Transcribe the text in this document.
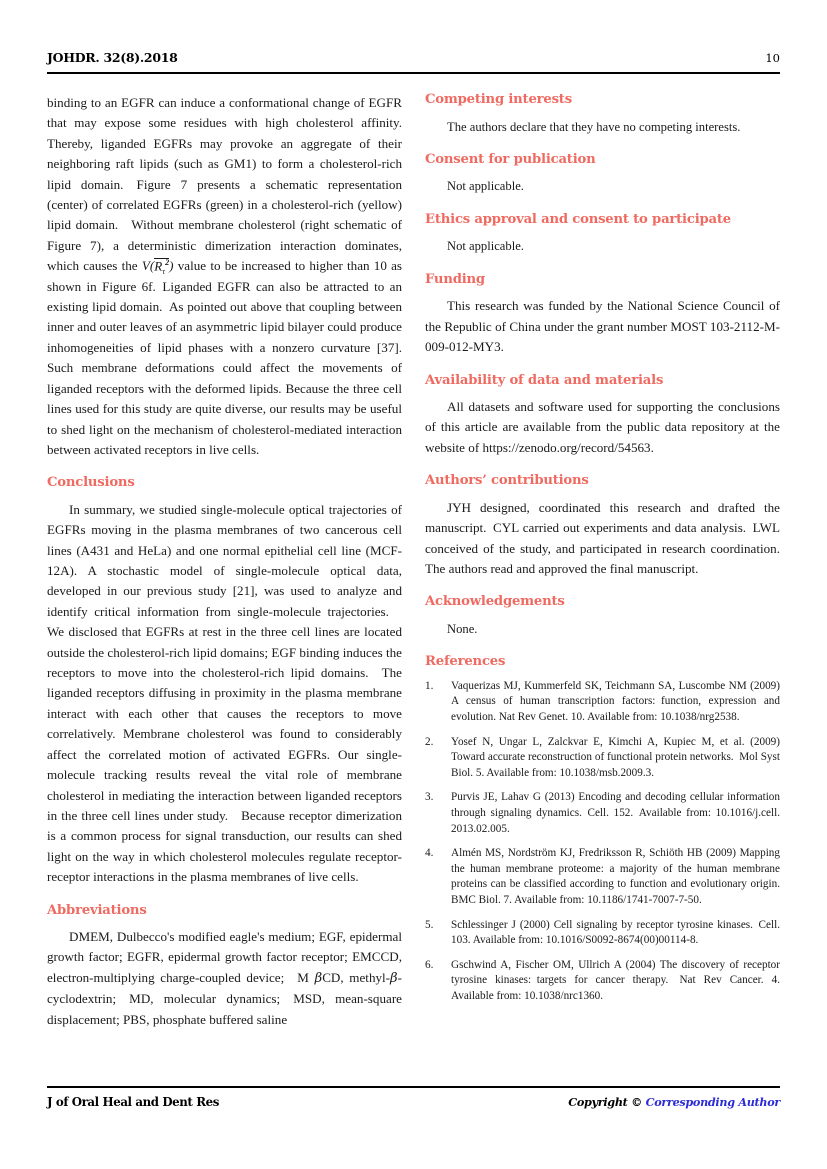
JOHDR. 32(8).2018	10

binding to an EGFR can induce a conformational change of EGFR that may expose some residues with high cholesterol affinity. Thereby, liganded EGFRs may provoke an aggregate of their neighboring raft lipids (such as GM1) to form a cholesterol-rich lipid domain. Figure 7 presents a schematic representation (center) of correlated EGFRs (green) in a cholesterol-rich (yellow) lipid domain. Without membrane cholesterol (right schematic of Figure 7), a deterministic dimerization interaction dominates, which causes the $V(R_\tau^2)$ value to be increased to higher than 10 as shown in Figure 6f. Liganded EGFR can also be attracted to an existing lipid domain. As pointed out above that coupling between inner and outer leaves of an asymmetric lipid bilayer could produce inhomogeneities of lipid phases with a nonzero curvature [37]. Such membrane deformations could affect the movements of liganded receptors with the deformed lipids. Because the three cell lines used for this study are quite diverse, our results may be useful to shed light on the mechanism of cholesterol-mediated interaction between activated receptors in live cells.

Conclusions

In summary, we studied single-molecule optical trajectories of EGFRs moving in the plasma membranes of two cancerous cell lines (A431 and HeLa) and one normal epithelial cell line (MCF-12A). A stochastic model of single-molecule optical data, developed in our previous study [21], was used to analyze and identify critical information from single-molecule trajectories. We disclosed that EGFRs at rest in the three cell lines are located outside the cholesterol-rich lipid domains; EGF binding induces the receptors to move into the cholesterol-rich lipid domains. The liganded receptors diffusing in proximity in the plasma membrane interact with each other that causes the receptors to move correlatively. Membrane cholesterol was found to considerably affect the correlated motion of activated EGFRs. Our single-molecule tracking results reveal the vital role of membrane cholesterol in mediating the interaction between liganded receptors in the three cell lines under study. Because receptor dimerization is a common process for signal transduction, our results can shed light on the way in which cholesterol molecules regulate receptor-receptor interactions in the plasma membranes of live cells.

Abbreviations

DMEM, Dulbecco's modified eagle's medium; EGF, epidermal growth factor; EGFR, epidermal growth factor receptor; EMCCD, electron-multiplying charge-coupled device; M βCD, methyl-β-cyclodextrin; MD, molecular dynamics; MSD, mean-square displacement; PBS, phosphate buffered saline

Competing interests

The authors declare that they have no competing interests.

Consent for publication

Not applicable.

Ethics approval and consent to participate

Not applicable.

Funding

This research was funded by the National Science Council of the Republic of China under the grant number MOST 103-2112-M-009-012-MY3.

Availability of data and materials

All datasets and software used for supporting the conclusions of this article are available from the public data repository at the website of https://zenodo.org/record/54563.

Authors’ contributions

JYH designed, coordinated this research and drafted the manuscript. CYL carried out experiments and data analysis. LWL conceived of the study, and participated in research coordination. The authors read and approved the final manuscript.

Acknowledgements

None.

References
1.	Vaquerizas MJ, Kummerfeld SK, Teichmann SA, Luscombe NM (2009) A census of human transcription factors: function, expression and evolution. Nat Rev Genet. 10. Available from: 10.1038/nrg2538.
2.	Yosef N, Ungar L, Zalckvar E, Kimchi A, Kupiec M, et al. (2009) Toward accurate reconstruction of functional protein networks. Mol Syst Biol. 5. Available from: 10.1038/msb.2009.3.
3.	Purvis JE, Lahav G (2013) Encoding and decoding cellular information through signaling dynamics. Cell. 152. Available from: 10.1016/j.cell. 2013.02.005.
4.	Almén MS, Nordström KJ, Fredriksson R, Schiöth HB (2009) Mapping the human membrane proteome: a majority of the human membrane proteins can be classified according to function and evolutionary origin. BMC Biol. 7. Available from: 10.1186/1741-7007-7-50.
5.	Schlessinger J (2000) Cell signaling by receptor tyrosine kinases. Cell. 103. Available from: 10.1016/S0092-8674(00)00114-8.
6.	Gschwind A, Fischer OM, Ullrich A (2004) The discovery of receptor tyrosine kinases: targets for cancer therapy. Nat Rev Cancer. 4. Available from: 10.1038/nrc1360.
J of Oral Heal and Dent Res	Copyright © Corresponding Author
